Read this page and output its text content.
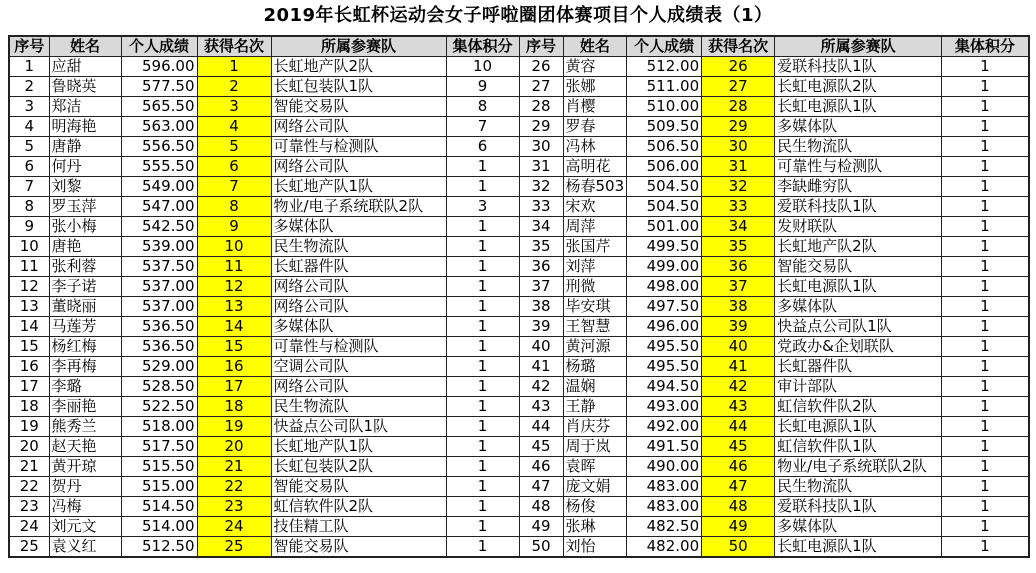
2019年长虹杯运动会女子呼啦圈团体赛项目个人成绩表（1）
序号	姓名	个人成绩	获得名次	所属参赛队	集体积分	序号	姓名	个人成绩	获得名次	所属参赛队	集体积分
1	应甜	596.00	1	长虹地产队2队	10	26	黄容	512.00	26	爱联科技队1队	1
2	鲁晓英	577.50	2	长虹包装队1队	9	27	张娜	511.00	27	长虹电源队2队	1
3	郑洁	565.50	3	智能交易队	8	28	肖樱	510.00	28	长虹电源队1队	1
4	明海艳	563.00	4	网络公司队	7	29	罗春	509.50	29	多媒体队	1
5	唐静	556.50	5	可靠性与检测队	6	30	冯林	506.50	30	民生物流队	1
6	何丹	555.50	6	网络公司队	1	31	高明花	506.00	31	可靠性与检测队	1
7	刘黎	549.00	7	长虹地产队1队	1	32	杨春503	504.50	32	李缺雌穷队	1
8	罗玉萍	547.00	8	物业/电子系统联队2队	3	33	宋欢	504.50	33	爱联科技队1队	1
9	张小梅	542.50	9	多媒体队	1	34	周萍	501.00	34	发财联队	1
10	唐艳	539.00	10	民生物流队	1	35	张国芹	499.50	35	长虹地产队2队	1
11	张利蓉	537.50	11	长虹器件队	1	36	刘萍	499.00	36	智能交易队	1
12	李子诺	537.00	12	网络公司队	1	37	刑微	498.00	37	长虹电源队1队	1
13	董晓丽	537.00	13	网络公司队	1	38	毕安琪	497.50	38	多媒体队	1
14	马莲芳	536.50	14	多媒体队	1	39	王智慧	496.00	39	快益点公司队1队	1
15	杨红梅	536.50	15	可靠性与检测队	1	40	黄河源	495.50	40	党政办&企划联队	1
16	李再梅	529.00	16	空调公司队	1	41	杨璐	495.50	41	长虹器件队	1
17	李璐	528.50	17	网络公司队	1	42	温娴	494.50	42	审计部队	1
18	李丽艳	522.50	18	民生物流队	1	43	王静	493.00	43	虹信软件队2队	1
19	熊秀兰	518.00	19	快益点公司队1队	1	44	肖庆芬	492.00	44	长虹电源队1队	1
20	赵天艳	517.50	20	长虹地产队1队	1	45	周于岚	491.50	45	虹信软件队1队	1
21	黄开琼	515.50	21	长虹包装队2队	1	46	袁晖	490.00	46	物业/电子系统联队2队	1
22	贺丹	515.00	22	智能交易队	1	47	庞文娟	483.00	47	民生物流队	1
23	冯梅	514.50	23	虹信软件队2队	1	48	杨俊	483.00	48	爱联科技队1队	1
24	刘元文	514.00	24	技佳精工队	1	49	张琳	482.50	49	多媒体队	1
25	袁义红	512.50	25	智能交易队	1	50	刘怡	482.00	50	长虹电源队1队	1
